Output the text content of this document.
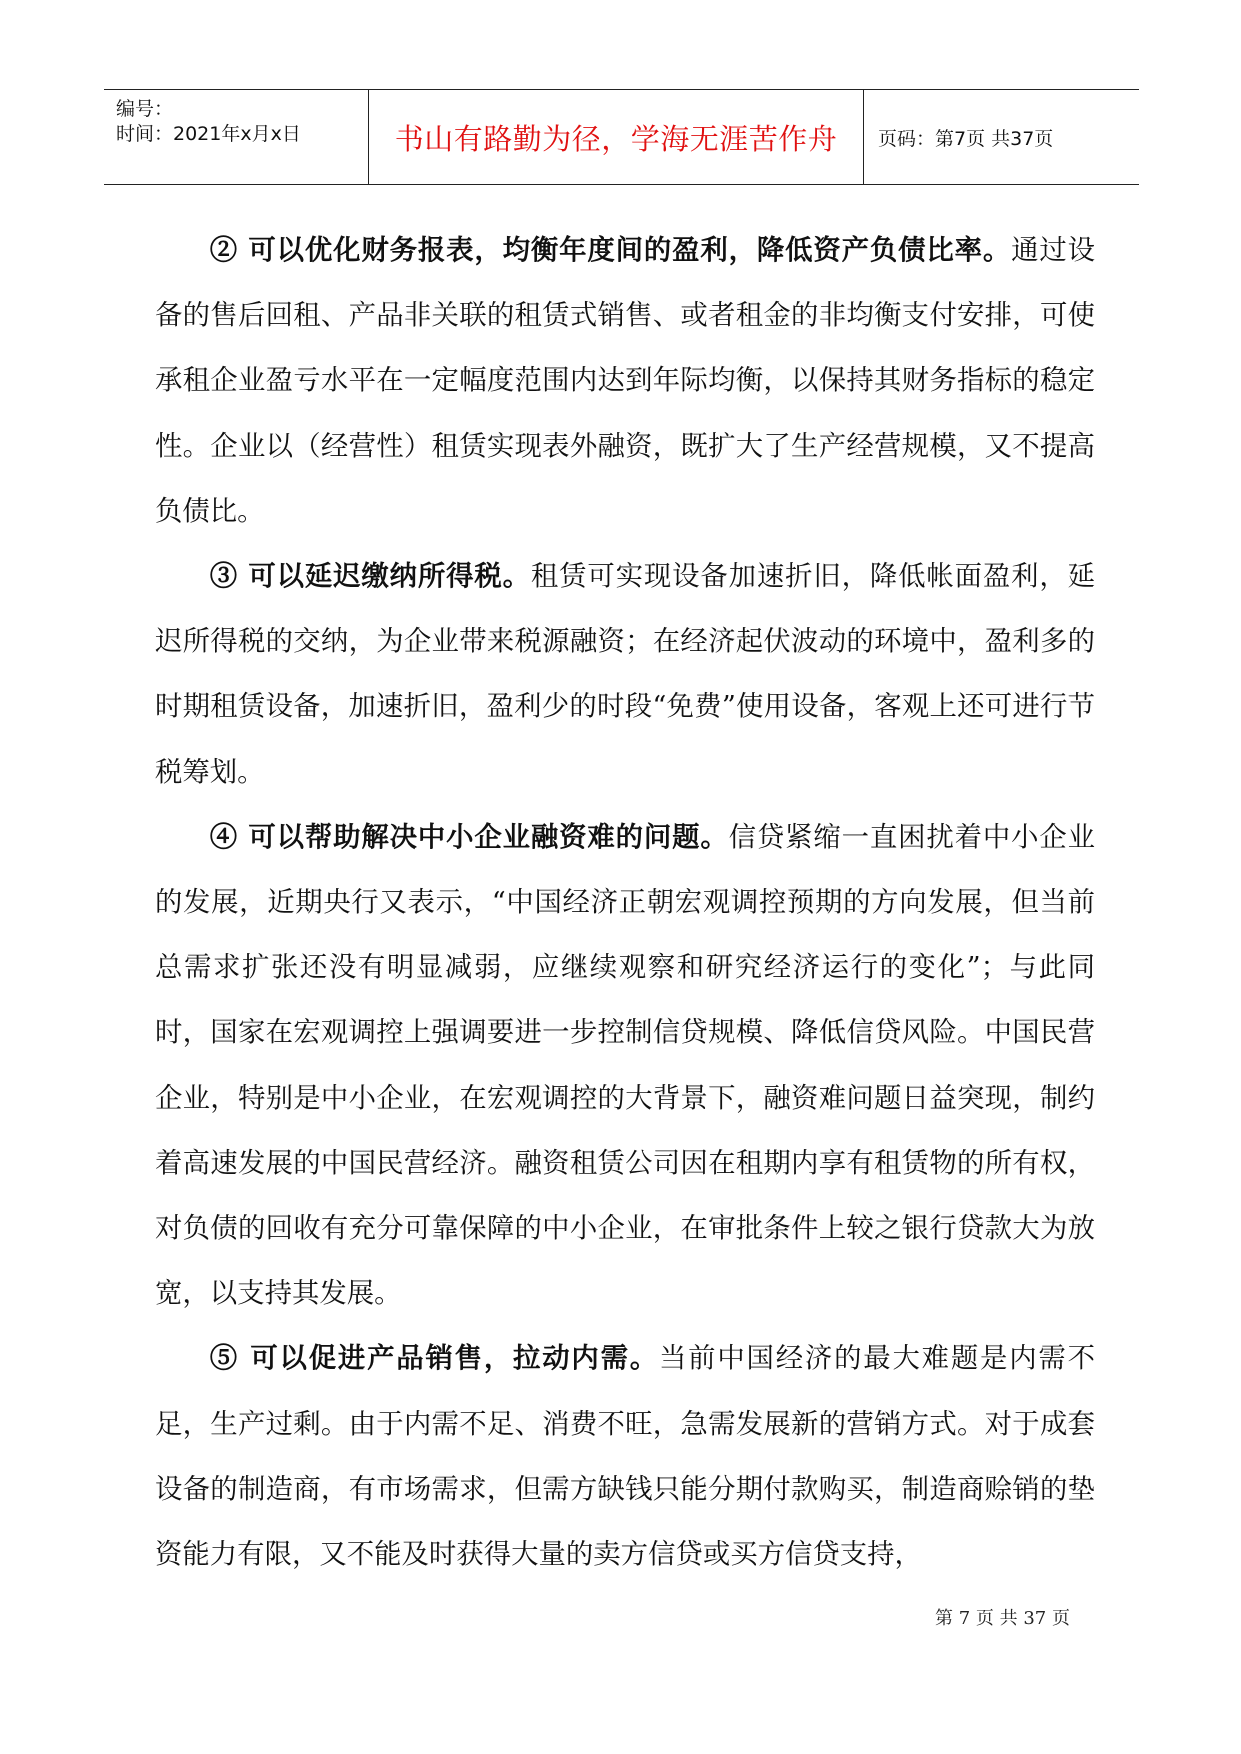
编号：
时间：2021年x月x日	书山有路勤为径，学海无涯苦作舟 页码：第7页 共37页

② 可以优化财务报表，均衡年度间的盈利，降低资产负债比率。通过设备的售后回租、产品非关联的租赁式销售、或者租金的非均衡支付安排，可使承租企业盈亏水平在一定幅度范围内达到年际均衡，以保持其财务指标的稳定性。企业以（经营性）租赁实现表外融资，既扩大了生产经营规模，又不提高负债比。

③ 可以延迟缴纳所得税。租赁可实现设备加速折旧，降低帐面盈利，延迟所得税的交纳，为企业带来税源融资；在经济起伏波动的环境中，盈利多的时期租赁设备，加速折旧，盈利少的时段“免费”使用设备，客观上还可进行节税筹划。

④ 可以帮助解决中小企业融资难的问题。信贷紧缩一直困扰着中小企业的发展，近期央行又表示，“中国经济正朝宏观调控预期的方向发展，但当前总需求扩张还没有明显减弱，应继续观察和研究经济运行的变化”；与此同时，国家在宏观调控上强调要进一步控制信贷规模、降低信贷风险。中国民营企业，特别是中小企业，在宏观调控的大背景下，融资难问题日益突现，制约着高速发展的中国民营经济。融资租赁公司因在租期内享有租赁物的所有权，对负债的回收有充分可靠保障的中小企业，在审批条件上较之银行贷款大为放宽，以支持其发展。

⑤ 可以促进产品销售，拉动内需。当前中国经济的最大难题是内需不足，生产过剩。由于内需不足、消费不旺，急需发展新的营销方式。对于成套设备的制造商，有市场需求，但需方缺钱只能分期付款购买，制造商赊销的垫资能力有限，又不能及时获得大量的卖方信贷或买方信贷支持，

第 7 页 共 37 页
